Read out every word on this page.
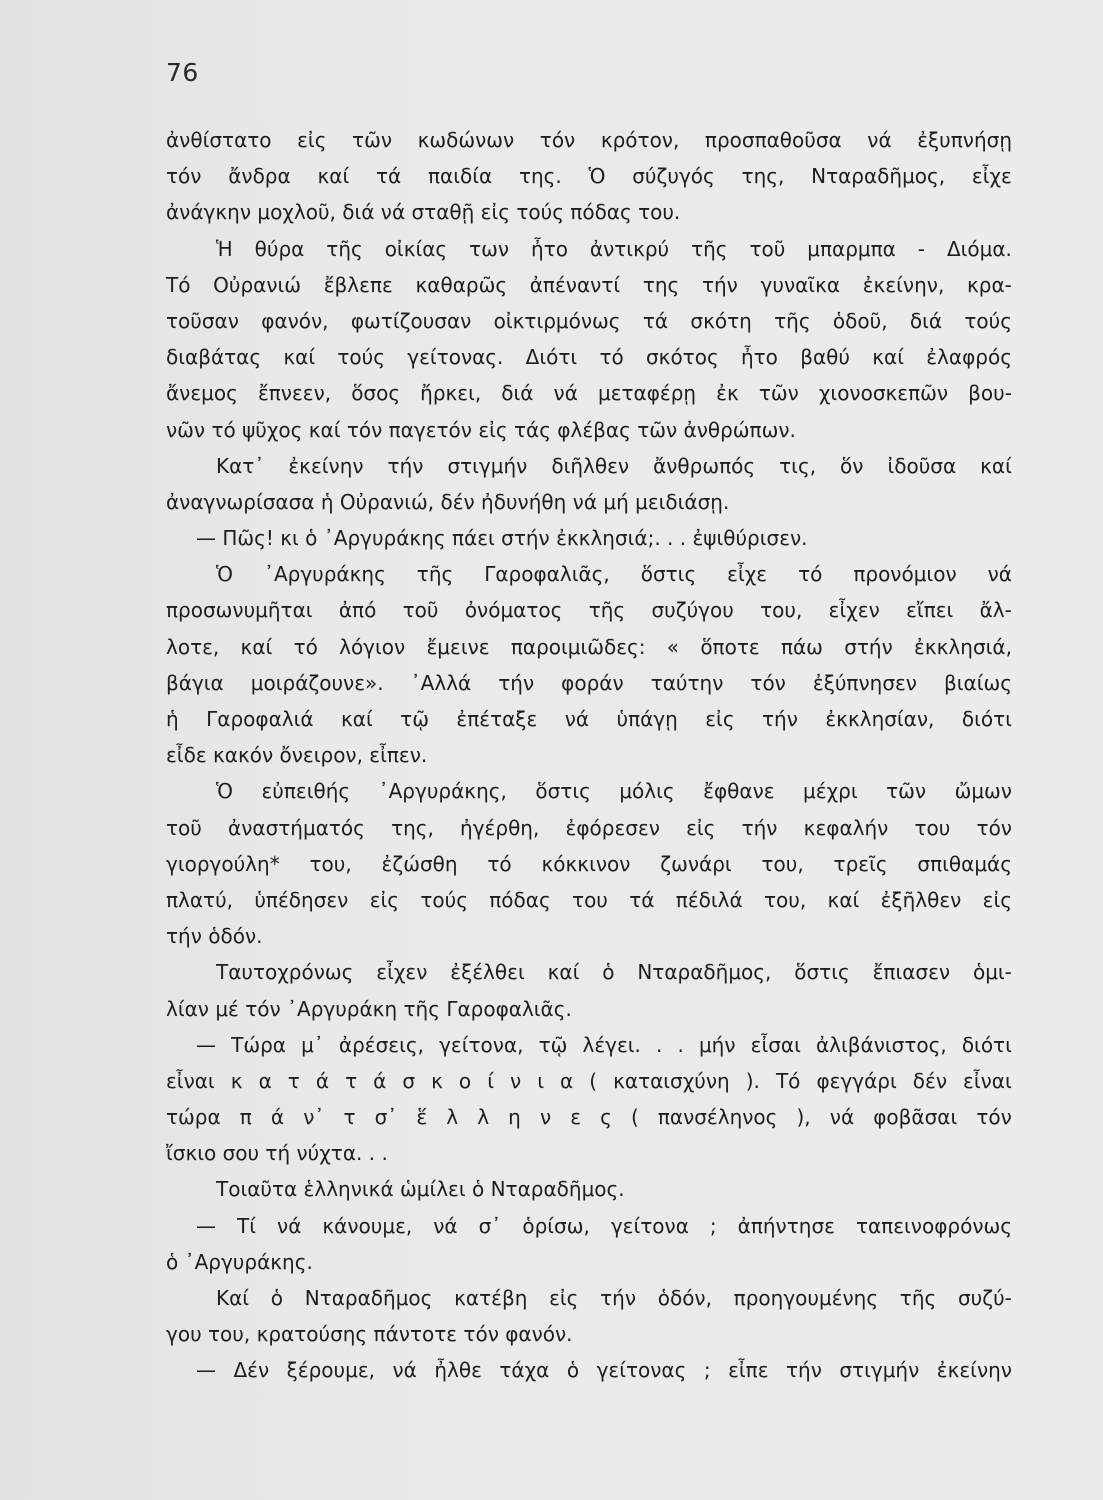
76
ἀνθίστατο εἰς τῶν κωδώνων τόν κρότον, προσπαθοῦσα νά ἐξυπνήσῃ
τόν ἄνδρα καί τά παιδία της. Ὁ σύζυγός της, Νταραδῆμος, εἶχε
ἀνάγκην μοχλοῦ, διά νά σταθῇ εἰς τούς πόδας του.
Ἡ θύρα τῆς οἰκίας των ἦτο ἀντικρύ τῆς τοῦ μπαρμπα - Διόμα.
Τό Οὐρανιώ ἔβλεπε καθαρῶς ἀπέναντί της τήν γυναῖκα ἐκείνην, κρα-
τοῦσαν φανόν, φωτίζουσαν οἰκτιρμόνως τά σκότη τῆς ὁδοῦ, διά τούς
διαβάτας καί τούς γείτονας. Διότι τό σκότος ἦτο βαθύ καί ἐλαφρός
ἄνεμος ἔπνεεν, ὅσος ἤρκει, διά νά μεταφέρῃ ἐκ τῶν χιονοσκεπῶν βου-
νῶν τό ψῦχος καί τόν παγετόν εἰς τάς φλέβας τῶν ἀνθρώπων.
Κατ᾽ ἐκείνην τήν στιγμήν διῆλθεν ἄνθρωπός τις, ὅν ἰδοῦσα καί
ἀναγνωρίσασα ἡ Οὐρανιώ, δέν ἠδυνήθη νά μή μειδιάσῃ.
— Πῶς! κι ὁ ᾽Αργυράκης πάει στήν ἐκκλησιά;. . . ἐψιθύρισεν.
Ὁ ᾽Αργυράκης τῆς Γαροφαλιᾶς, ὅστις εἶχε τό προνόμιον νά
προσωνυμῆται ἀπό τοῦ ὀνόματος τῆς συζύγου του, εἶχεν εἴπει ἄλ-
λοτε, καί τό λόγιον ἔμεινε παροιμιῶδες: « ὅποτε πάω στήν ἐκκλησιά,
βάγια μοιράζουνε». ᾽Αλλά τήν φοράν ταύτην τόν ἐξύπνησεν βιαίως
ἡ Γαροφαλιά καί τῷ ἐπέταξε νά ὑπάγῃ εἰς τήν ἐκκλησίαν, διότι
εἶδε κακόν ὄνειρον, εἶπεν.
Ὁ εὐπειθής ᾽Αργυράκης, ὅστις μόλις ἔφθανε μέχρι τῶν ὤμων
τοῦ ἀναστήματός της, ἠγέρθη, ἐφόρεσεν εἰς τήν κεφαλήν του τόν
γιοργούλη* του, ἐζώσθη τό κόκκινον ζωνάρι του, τρεῖς σπιθαμάς
πλατύ, ὑπέδησεν εἰς τούς πόδας του τά πέδιλά του, καί ἐξῆλθεν εἰς
τήν ὁδόν.
Ταυτοχρόνως εἶχεν ἐξέλθει καί ὁ Νταραδῆμος, ὅστις ἔπιασεν ὁμι-
λίαν μέ τόν ᾽Αργυράκη τῆς Γαροφαλιᾶς.
— Τώρα μ᾽ ἀρέσεις, γείτονα, τῷ λέγει. . . μήν εἶσαι ἀλιβάνιστος, διότι
εἶναι κ α τ ά τ ά σ κ ο ί ν ι α ( καταισχύνη ). Τό φεγγάρι δέν εἶναι
τώρα π ά ν᾽ τ σ᾽ ἕ λ λ η ν ε ς ( πανσέληνος ), νά φοβᾶσαι τόν
ἴσκιο σου τή νύχτα. . .
Τοιαῦτα ἑλληνικά ὡμίλει ὁ Νταραδῆμος.
— Τί νά κάνουμε, νά σ᾽ ὁρίσω, γείτονα ; ἀπήντησε ταπεινοφρόνως
ὁ ᾽Αργυράκης.
Καί ὁ Νταραδῆμος κατέβη εἰς τήν ὁδόν, προηγουμένης τῆς συζύ-
γου του, κρατούσης πάντοτε τόν φανόν.
— Δέν ξέρουμε, νά ἦλθε τάχα ὁ γείτονας ; εἶπε τήν στιγμήν ἐκείνην
